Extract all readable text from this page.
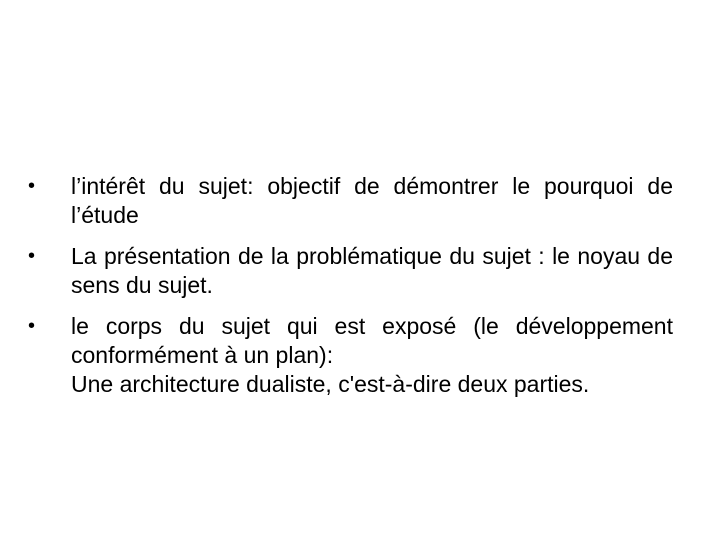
•	l’intérêt du sujet: objectif de démontrer le pourquoi de l’étude
•	La présentation de la problématique du sujet : le noyau de sens du sujet.
•	le corps du sujet qui est exposé (le développement conformément à un plan):
Une architecture dualiste, c'est-à-dire deux parties.
